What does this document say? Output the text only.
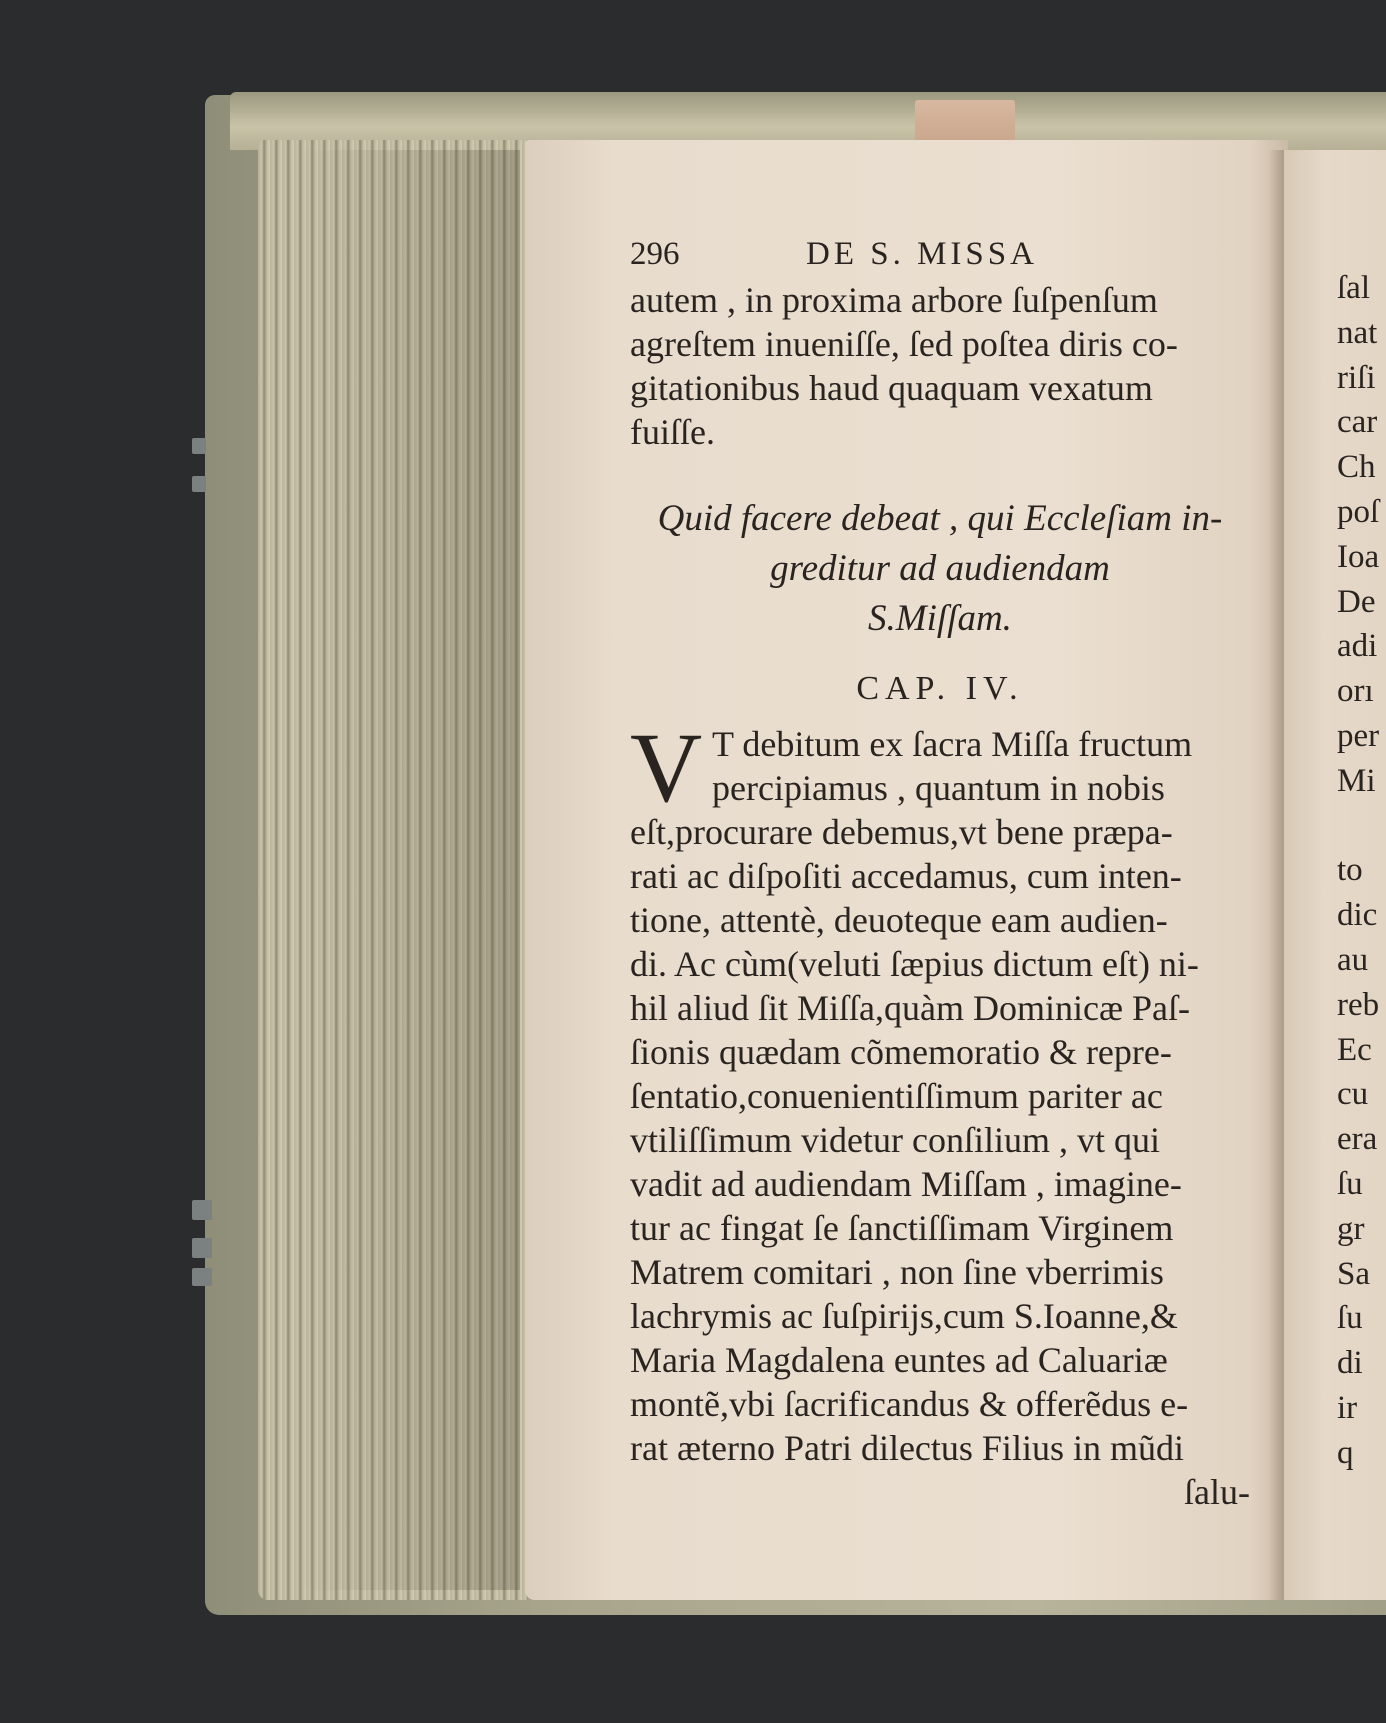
296	DE S. MISSA
autem , in proxima arbore ſuſpenſum
agreſtem inueniſſe, ſed poſtea diris co-
gitationibus haud quaquam vexatum
fuiſſe.
Quid facere debeat , qui Eccleſiam in-
greditur ad audiendam
S.Miſſam.
CAP. IV.
V T debitum ex ſacra Miſſa fructum
percipiamus , quantum in nobis
eſt,procurare debemus,vt bene præpa-
rati ac diſpoſiti accedamus, cum inten-
tione, attentè, deuoteque eam audien-
di. Ac cùm(veluti ſæpius dictum eſt) ni-
hil aliud ſit Miſſa,quàm Dominicæ Paſ-
ſionis quædam cõmemoratio & repre-
ſentatio,conuenientiſſimum pariter ac
vtiliſſimum videtur conſilium , vt qui
vadit ad audiendam Miſſam , imagine-
tur ac fingat ſe ſanctiſſimam Virginem
Matrem comitari , non ſine vberrimis
lachrymis ac ſuſpirijs,cum S.Ioanne,&
Maria Magdalena euntes ad Caluariæ
montẽ,vbi ſacrificandus & offerẽdus e-
rat æterno Patri dilectus Filius in mũdi
ſalu-
ſal
nat
riſi
car
Ch
poſ
Ioa
De
adi
orı
per
Mi

to
dic
au
reb
Ec
cu
era
ſu
gr
Sa
ſu
di
ir
q
